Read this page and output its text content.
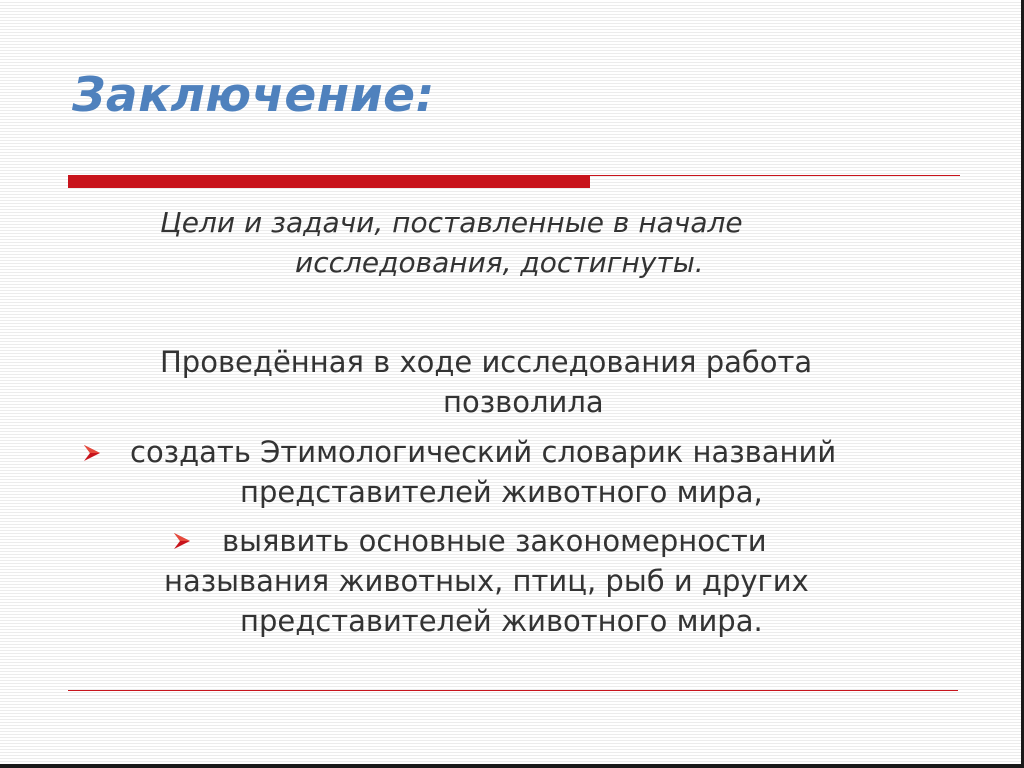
Заключение:
Цели и задачи, поставленные в начале
исследования, достигнуты.
Проведённая в ходе исследования работа
позволила
создать Этимологический словарик названий
представителей животного мира,
выявить основные закономерности
называния животных, птиц, рыб и других
представителей животного мира.
